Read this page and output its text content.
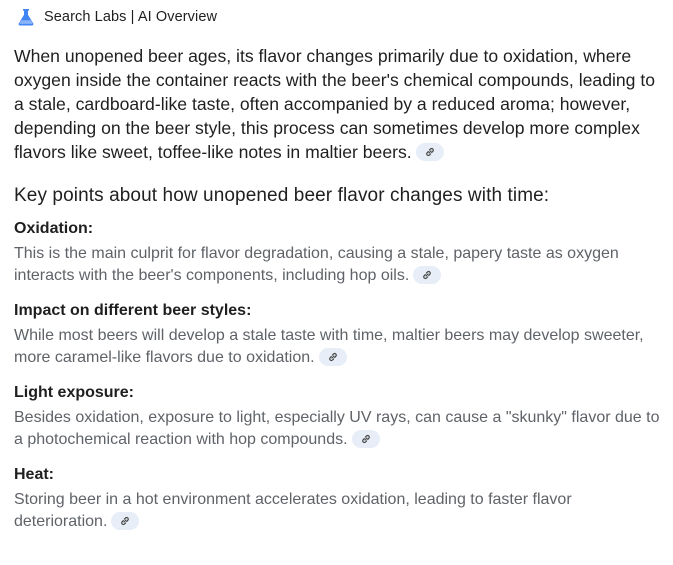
Search Labs | AI Overview

When unopened beer ages, its flavor changes primarily due to oxidation, where oxygen inside the container reacts with the beer's chemical compounds, leading to a stale, cardboard-like taste, often accompanied by a reduced aroma; however, depending on the beer style, this process can sometimes develop more complex flavors like sweet, toffee-like notes in maltier beers.

Key points about how unopened beer flavor changes with time:

Oxidation:

This is the main culprit for flavor degradation, causing a stale, papery taste as oxygen interacts with the beer's components, including hop oils.

Impact on different beer styles:

While most beers will develop a stale taste with time, maltier beers may develop sweeter, more caramel-like flavors due to oxidation.

Light exposure:

Besides oxidation, exposure to light, especially UV rays, can cause a "skunky" flavor due to a photochemical reaction with hop compounds.

Heat:

Storing beer in a hot environment accelerates oxidation, leading to faster flavor deterioration.
